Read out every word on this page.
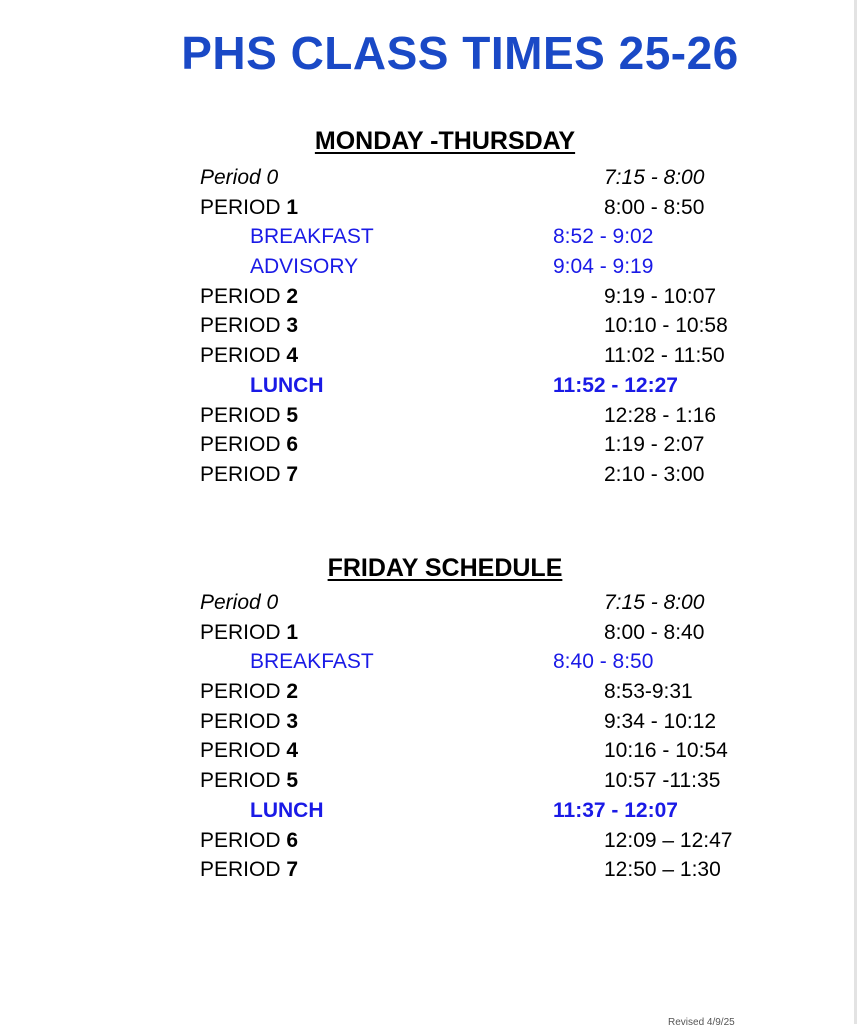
PHS CLASS TIMES 25-26
MONDAY -THURSDAY
Period 0	7:15 - 8:00
PERIOD 1	8:00 - 8:50
BREAKFAST	8:52 - 9:02
ADVISORY	9:04 - 9:19
PERIOD 2	9:19 - 10:07
PERIOD 3	10:10 - 10:58
PERIOD 4	11:02 - 11:50
LUNCH	11:52 - 12:27
PERIOD 5	12:28 - 1:16
PERIOD 6	1:19 - 2:07
PERIOD 7	2:10 - 3:00
FRIDAY SCHEDULE
Period 0	7:15 - 8:00
PERIOD 1	8:00 - 8:40
BREAKFAST	8:40 - 8:50
PERIOD 2	8:53-9:31
PERIOD 3	9:34 - 10:12
PERIOD 4	10:16 - 10:54
PERIOD 5	10:57 -11:35
LUNCH	11:37 - 12:07
PERIOD 6	12:09 – 12:47
PERIOD 7	12:50 – 1:30
Revised 4/9/25
